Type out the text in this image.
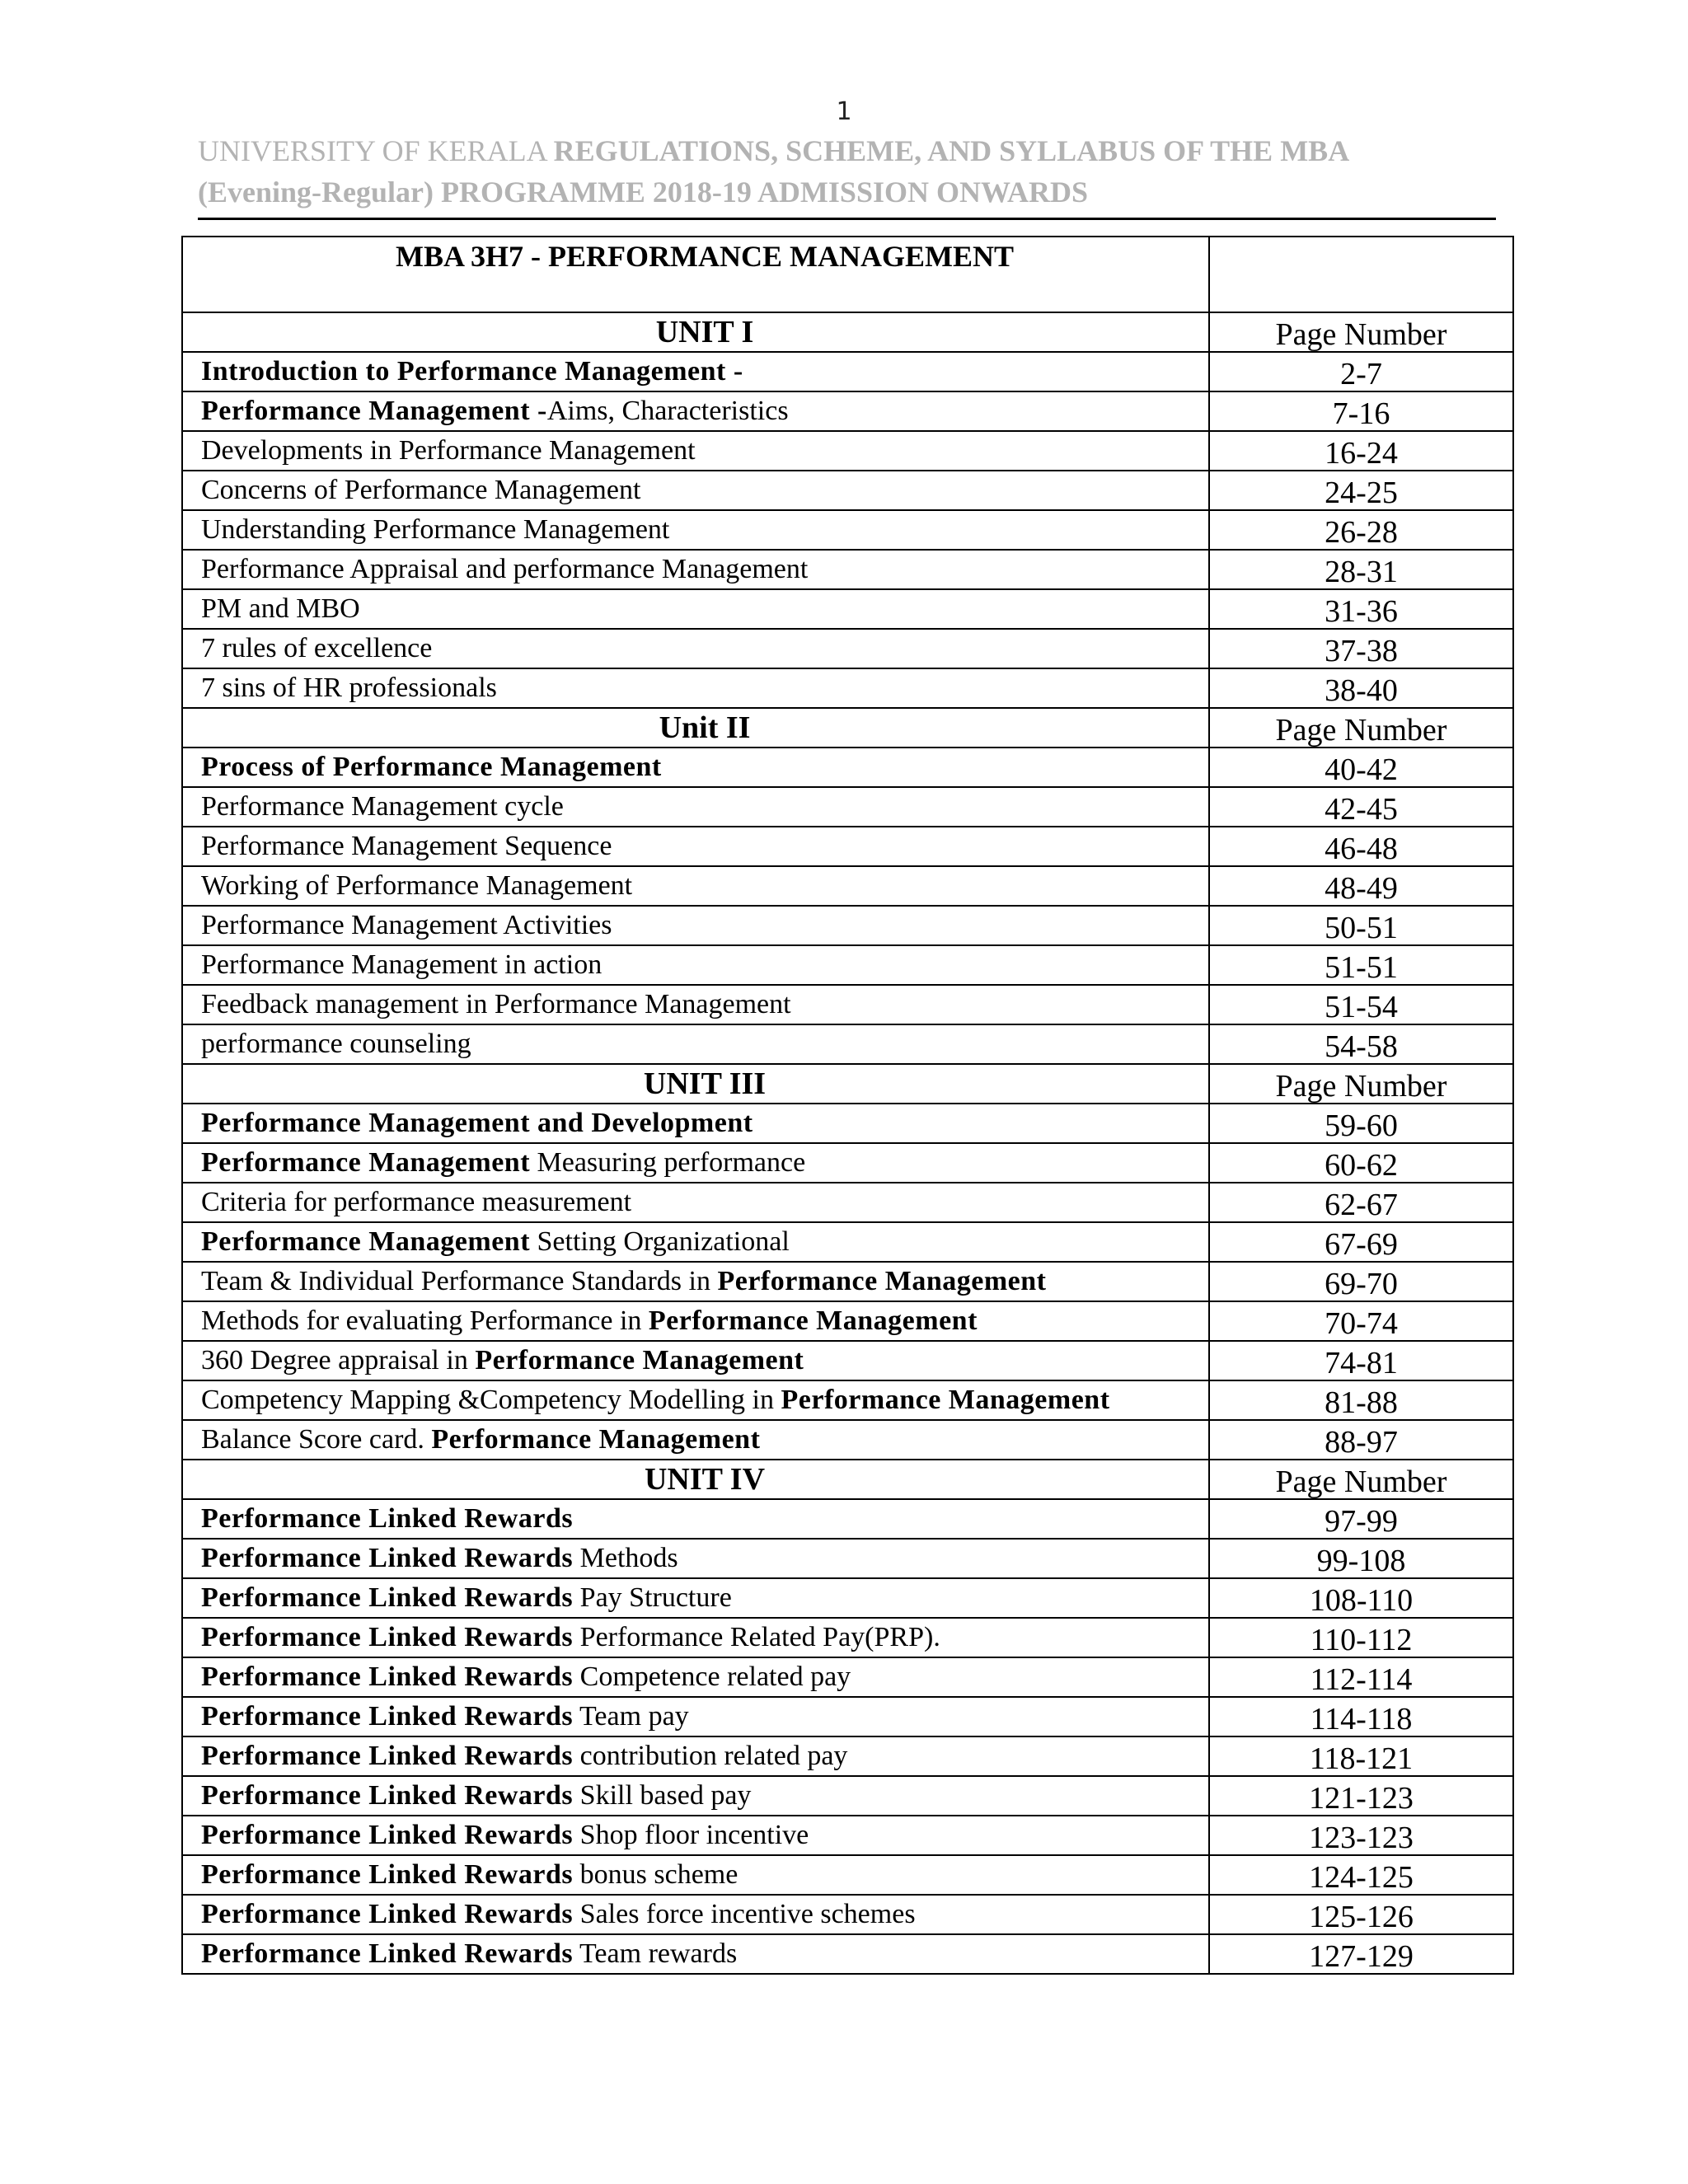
1
UNIVERSITY OF KERALA REGULATIONS, SCHEME, AND SYLLABUS OF THE MBA
(Evening-Regular) PROGRAMME 2018-19 ADMISSION ONWARDS
MBA 3H7 - PERFORMANCE MANAGEMENT	
UNIT I	Page Number
Introduction to Performance Management -	2-7
Performance Management -Aims, Characteristics	7-16
Developments in Performance Management	16-24
Concerns of Performance Management	24-25
Understanding Performance Management	26-28
Performance Appraisal and performance Management	28-31
PM and MBO	31-36
7 rules of excellence	37-38
7 sins of HR professionals	38-40
Unit II	Page Number
Process of Performance Management	40-42
Performance Management cycle	42-45
Performance Management Sequence	46-48
Working of Performance Management	48-49
Performance Management Activities	50-51
Performance Management in action	51-51
Feedback management in Performance Management	51-54
performance counseling	54-58
UNIT III	Page Number
Performance Management and Development	59-60
Performance Management Measuring performance	60-62
Criteria for performance measurement	62-67
Performance Management Setting Organizational	67-69
Team & Individual Performance Standards in Performance Management	69-70
Methods for evaluating Performance in Performance Management	70-74
360 Degree appraisal in Performance Management	74-81
Competency Mapping &Competency Modelling in Performance Management	81-88
Balance Score card. Performance Management	88-97
UNIT IV	Page Number
Performance Linked Rewards	97-99
Performance Linked Rewards Methods	99-108
Performance Linked Rewards Pay Structure	108-110
Performance Linked Rewards Performance Related Pay(PRP).	110-112
Performance Linked Rewards Competence related pay	112-114
Performance Linked Rewards Team pay	114-118
Performance Linked Rewards contribution related pay	118-121
Performance Linked Rewards Skill based pay	121-123
Performance Linked Rewards Shop floor incentive	123-123
Performance Linked Rewards bonus scheme	124-125
Performance Linked Rewards Sales force incentive schemes	125-126
Performance Linked Rewards Team rewards	127-129
